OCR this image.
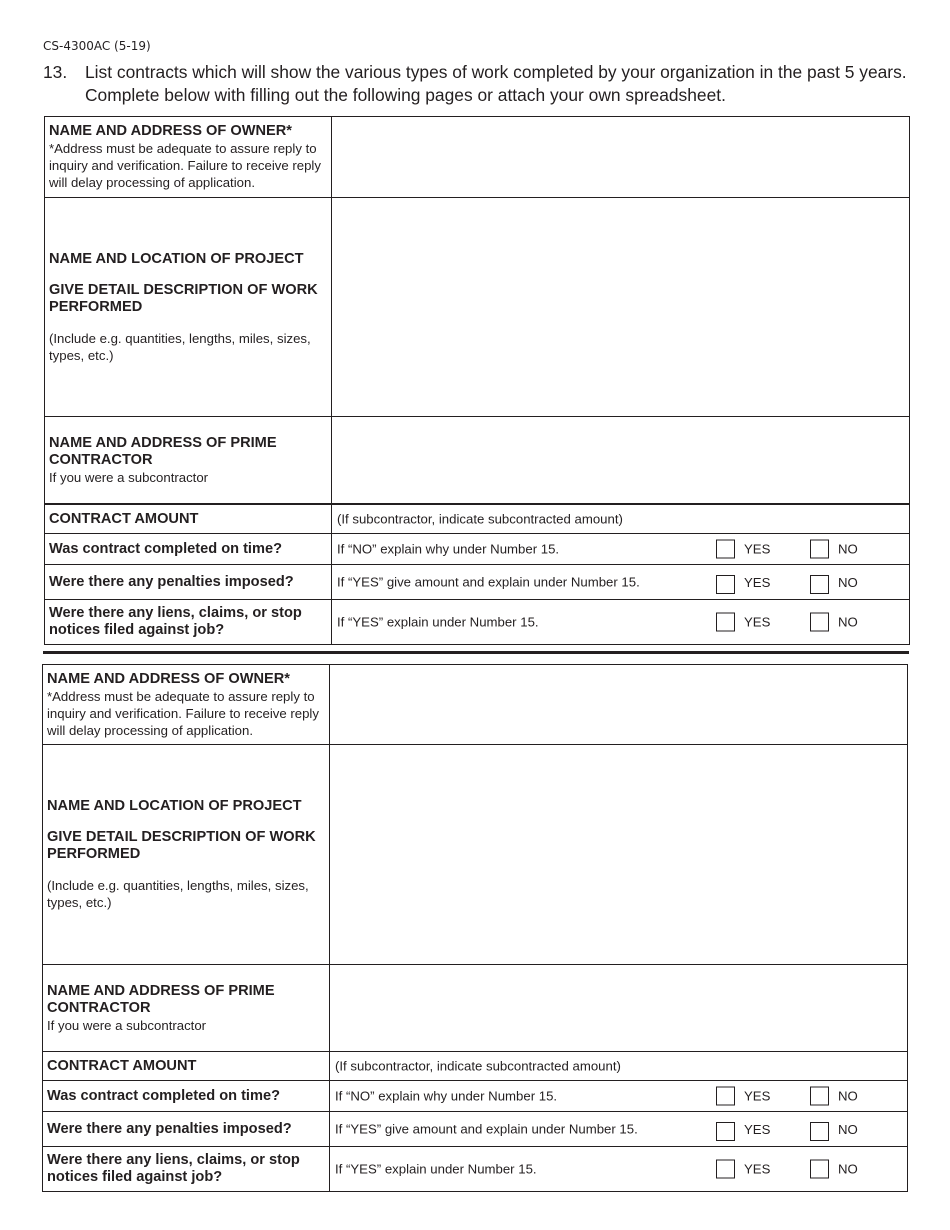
CS-4300AC (5-19)
13. List contracts which will show the various types of work completed by your organization in the past 5 years. Complete below with filling out the following pages or attach your own spreadsheet.
NAME AND ADDRESS OF OWNER*
*Address must be adequate to assure reply to inquiry and verification. Failure to receive reply will delay processing of application.
NAME AND LOCATION OF PROJECT
GIVE DETAIL DESCRIPTION OF WORK PERFORMED
(Include e.g. quantities, lengths, miles, sizes, types, etc.)
NAME AND ADDRESS OF PRIME CONTRACTOR
If you were a subcontractor
CONTRACT AMOUNT	(If subcontractor, indicate subcontracted amount)
Was contract completed on time?	If “NO” explain why under Number 15.	YES	NO
Were there any penalties imposed?	If “YES” give amount and explain under Number 15.	YES	NO
Were there any liens, claims, or stop notices filed against job?	If “YES” explain under Number 15.	YES	NO
NAME AND ADDRESS OF OWNER*
*Address must be adequate to assure reply to inquiry and verification. Failure to receive reply will delay processing of application.
NAME AND LOCATION OF PROJECT
GIVE DETAIL DESCRIPTION OF WORK PERFORMED
(Include e.g. quantities, lengths, miles, sizes, types, etc.)
NAME AND ADDRESS OF PRIME CONTRACTOR
If you were a subcontractor
CONTRACT AMOUNT	(If subcontractor, indicate subcontracted amount)
Was contract completed on time?	If “NO” explain why under Number 15.	YES	NO
Were there any penalties imposed?	If “YES” give amount and explain under Number 15.	YES	NO
Were there any liens, claims, or stop notices filed against job?	If “YES” explain under Number 15.	YES	NO
